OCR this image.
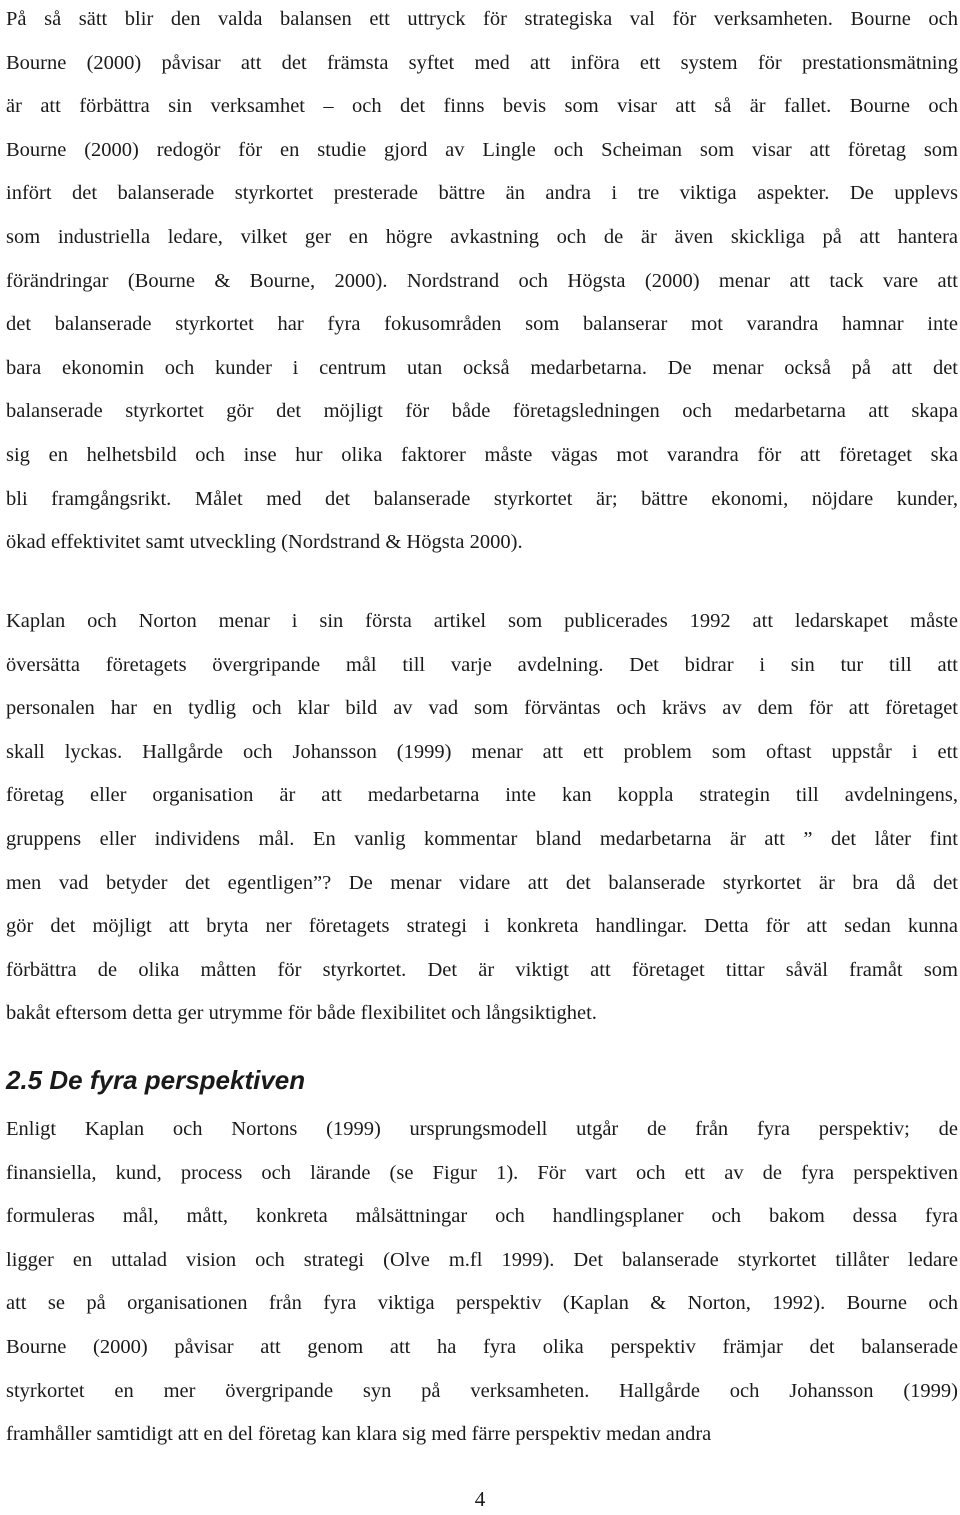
På så sätt blir den valda balansen ett uttryck för strategiska val för verksamheten. Bourne och
Bourne (2000) påvisar att det främsta syftet med att införa ett system för prestationsmätning
är att förbättra sin verksamhet – och det finns bevis som visar att så är fallet. Bourne och
Bourne (2000) redogör för en studie gjord av Lingle och Scheiman som visar att företag som
infört det balanserade styrkortet presterade bättre än andra i tre viktiga aspekter. De upplevs
som industriella ledare, vilket ger en högre avkastning och de är även skickliga på att hantera
förändringar (Bourne & Bourne, 2000). Nordstrand och Högsta (2000) menar att tack vare att
det balanserade styrkortet har fyra fokusområden som balanserar mot varandra hamnar inte
bara ekonomin och kunder i centrum utan också medarbetarna. De menar också på att det
balanserade styrkortet gör det möjligt för både företagsledningen och medarbetarna att skapa
sig en helhetsbild och inse hur olika faktorer måste vägas mot varandra för att företaget ska
bli framgångsrikt. Målet med det balanserade styrkortet är; bättre ekonomi, nöjdare kunder,
ökad effektivitet samt utveckling (Nordstrand & Högsta 2000).
Kaplan och Norton menar i sin första artikel som publicerades 1992 att ledarskapet måste
översätta företagets övergripande mål till varje avdelning. Det bidrar i sin tur till att
personalen har en tydlig och klar bild av vad som förväntas och krävs av dem för att företaget
skall lyckas. Hallgårde och Johansson (1999) menar att ett problem som oftast uppstår i ett
företag eller organisation är att medarbetarna inte kan koppla strategin till avdelningens,
gruppens eller individens mål. En vanlig kommentar bland medarbetarna är att ” det låter fint
men vad betyder det egentligen”? De menar vidare att det balanserade styrkortet är bra då det
gör det möjligt att bryta ner företagets strategi i konkreta handlingar. Detta för att sedan kunna
förbättra de olika måtten för styrkortet. Det är viktigt att företaget tittar såväl framåt som
bakåt eftersom detta ger utrymme för både flexibilitet och långsiktighet.
2.5 De fyra perspektiven
Enligt Kaplan och Nortons (1999) ursprungsmodell utgår de från fyra perspektiv; de
finansiella, kund, process och lärande (se Figur 1). För vart och ett av de fyra perspektiven
formuleras mål, mått, konkreta målsättningar och handlingsplaner och bakom dessa fyra
ligger en uttalad vision och strategi (Olve m.fl 1999). Det balanserade styrkortet tillåter ledare
att se på organisationen från fyra viktiga perspektiv (Kaplan & Norton, 1992). Bourne och
Bourne (2000) påvisar att genom att ha fyra olika perspektiv främjar det balanserade
styrkortet en mer övergripande syn på verksamheten. Hallgårde och Johansson (1999)
framhåller samtidigt att en del företag kan klara sig med färre perspektiv medan andra
4
